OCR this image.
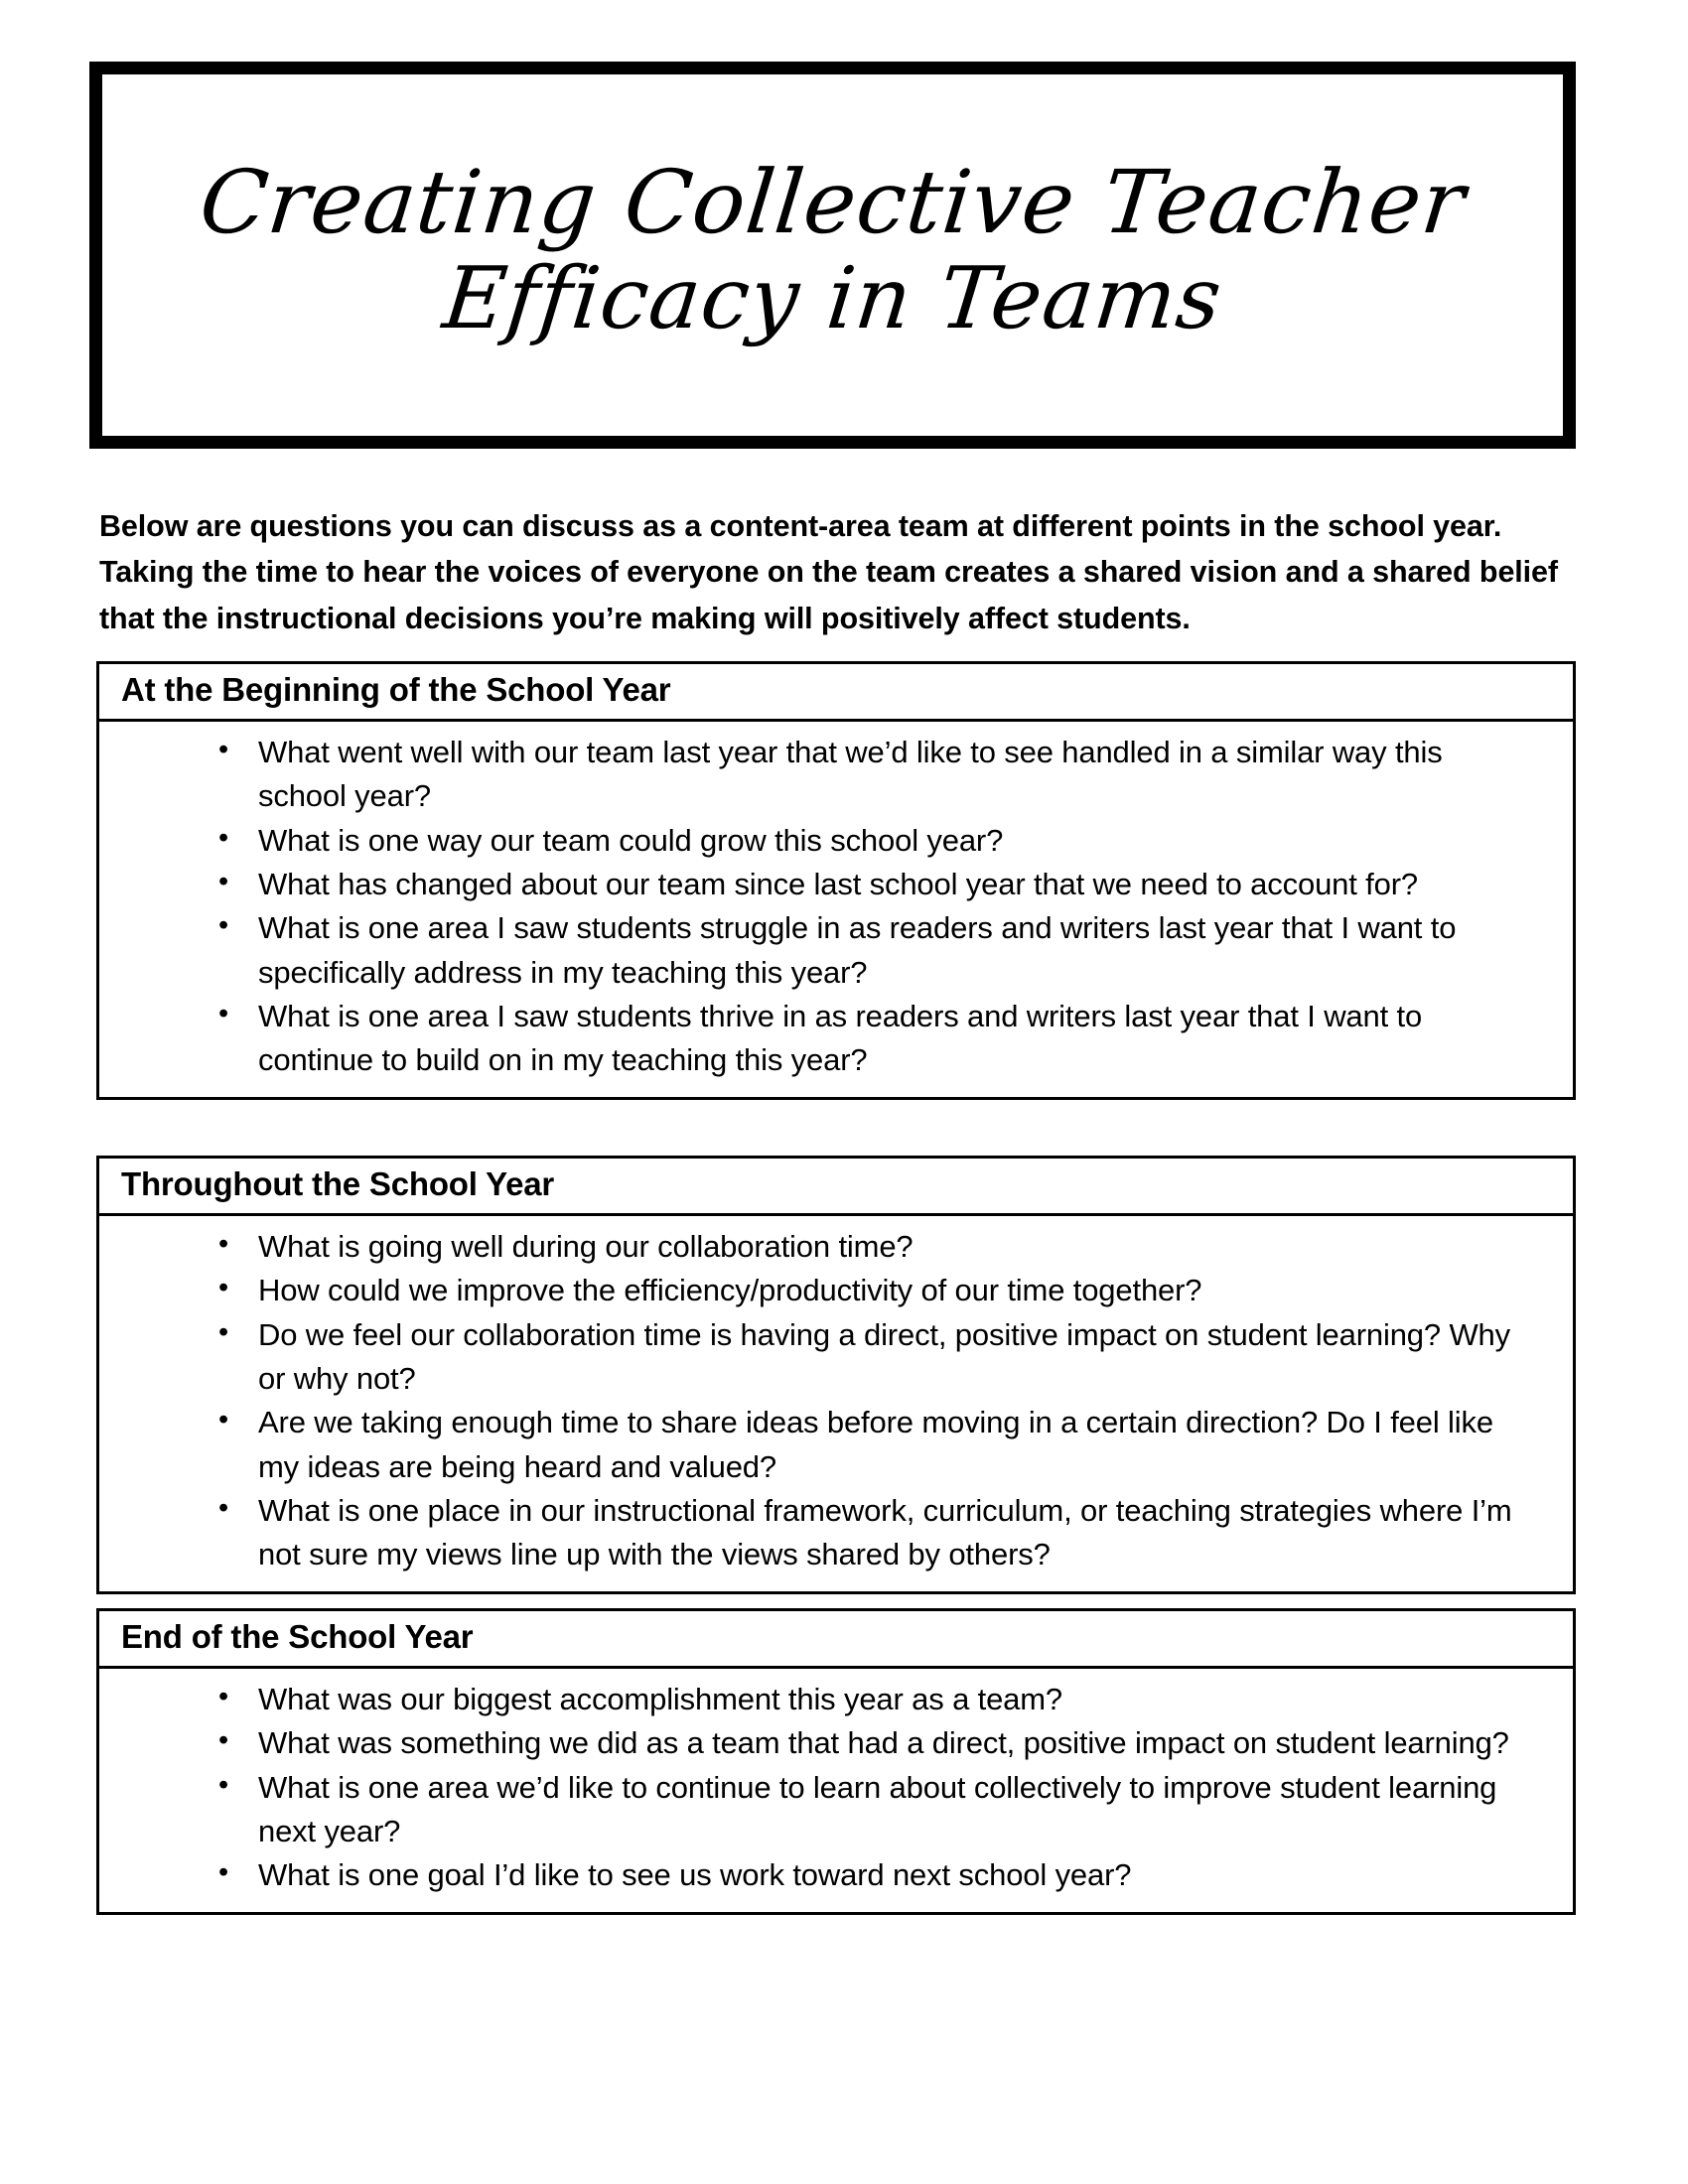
Creating Collective Teacher
Efficacy in Teams

Below are questions you can discuss as a content-area team at different points in the school year. Taking the time to hear the voices of everyone on the team creates a shared vision and a shared belief that the instructional decisions you’re making will positively affect students.

At the Beginning of the School Year
• What went well with our team last year that we’d like to see handled in a similar way this school year?
• What is one way our team could grow this school year?
• What has changed about our team since last school year that we need to account for?
• What is one area I saw students struggle in as readers and writers last year that I want to specifically address in my teaching this year?
• What is one area I saw students thrive in as readers and writers last year that I want to continue to build on in my teaching this year?
Throughout the School Year
• What is going well during our collaboration time?
• How could we improve the efficiency/productivity of our time together?
• Do we feel our collaboration time is having a direct, positive impact on student learning? Why or why not?
• Are we taking enough time to share ideas before moving in a certain direction? Do I feel like my ideas are being heard and valued?
• What is one place in our instructional framework, curriculum, or teaching strategies where I’m not sure my views line up with the views shared by others?
End of the School Year
• What was our biggest accomplishment this year as a team?
• What was something we did as a team that had a direct, positive impact on student learning?
• What is one area we’d like to continue to learn about collectively to improve student learning next year?
• What is one goal I’d like to see us work toward next school year?
